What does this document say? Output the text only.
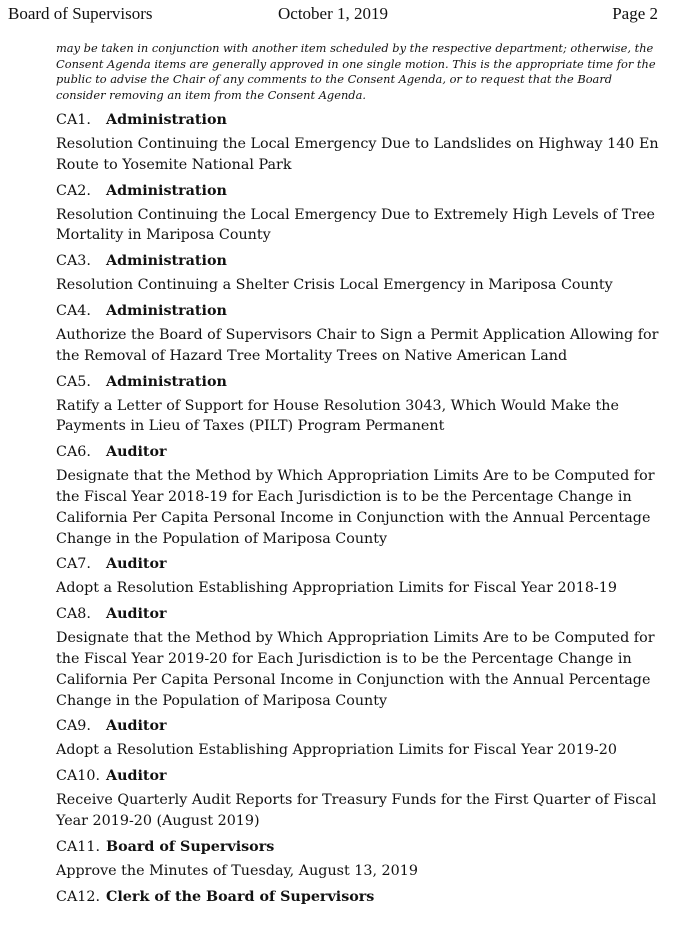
Board of Supervisors	October 1, 2019	Page 2

may be taken in conjunction with another item scheduled by the respective department; otherwise, the Consent Agenda items are generally approved in one single motion. This is the appropriate time for the public to advise the Chair of any comments to the Consent Agenda, or to request that the Board consider removing an item from the Consent Agenda.

CA1. Administration
Resolution Continuing the Local Emergency Due to Landslides on Highway 140 En Route to Yosemite National Park
CA2. Administration
Resolution Continuing the Local Emergency Due to Extremely High Levels of Tree Mortality in Mariposa County
CA3. Administration
Resolution Continuing a Shelter Crisis Local Emergency in Mariposa County
CA4. Administration
Authorize the Board of Supervisors Chair to Sign a Permit Application Allowing for the Removal of Hazard Tree Mortality Trees on Native American Land
CA5. Administration
Ratify a Letter of Support for House Resolution 3043, Which Would Make the Payments in Lieu of Taxes (PILT) Program Permanent
CA6. Auditor
Designate that the Method by Which Appropriation Limits Are to be Computed for the Fiscal Year 2018-19 for Each Jurisdiction is to be the Percentage Change in California Per Capita Personal Income in Conjunction with the Annual Percentage Change in the Population of Mariposa County
CA7. Auditor
Adopt a Resolution Establishing Appropriation Limits for Fiscal Year 2018-19
CA8. Auditor
Designate that the Method by Which Appropriation Limits Are to be Computed for the Fiscal Year 2019-20 for Each Jurisdiction is to be the Percentage Change in California Per Capita Personal Income in Conjunction with the Annual Percentage Change in the Population of Mariposa County
CA9. Auditor
Adopt a Resolution Establishing Appropriation Limits for Fiscal Year 2019-20
CA10. Auditor
Receive Quarterly Audit Reports for Treasury Funds for the First Quarter of Fiscal Year 2019-20 (August 2019)
CA11. Board of Supervisors
Approve the Minutes of Tuesday, August 13, 2019
CA12. Clerk of the Board of Supervisors
